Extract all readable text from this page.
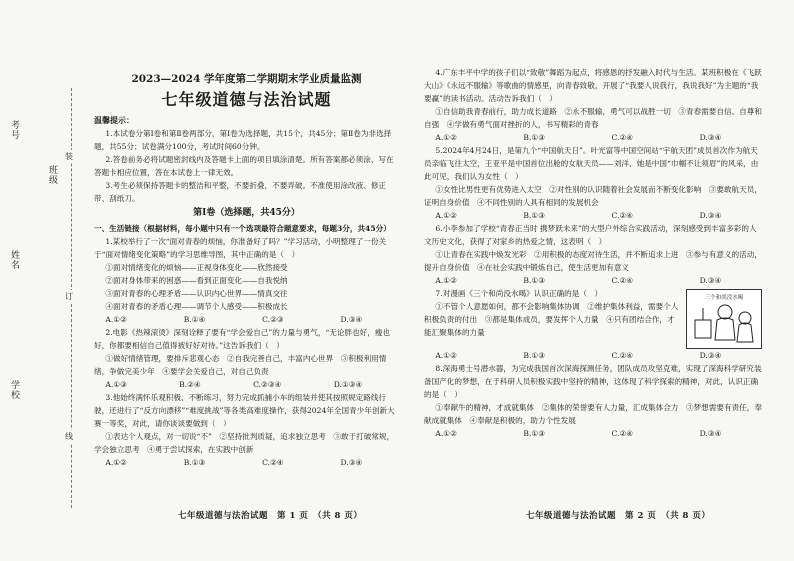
考号
姓名
学校
班级
装
订
线
2023—2024 学年度第二学期期末学业质量监测
七年级道德与法治试题
温馨提示：
1.本试卷分第Ⅰ卷和第Ⅱ卷两部分，第Ⅰ卷为选择题，共15个，共45分；第Ⅱ卷为非选择题，共55分；试卷满分100分，考试时间60分钟。
2.答卷前务必将试题密封线内及答题卡上面的项目填涂清楚。所有答案都必须涂、写在答题卡相应位置，答在本试卷上一律无效。
3.考生必须保持答题卡的整洁和平整，不要折叠，不要弄破。不准使用涂改液、修正带、刮纸刀。
第Ⅰ卷（选择题，共45分）
一、生活链接（根据材料，每小题中只有一个选项最符合题意要求，每题3分，共45分）
1.某校举行了一次“面对青春的烦恼，你准备好了吗？”学习活动，小明整理了一份关于“面对情绪变化策略”的学习思维导图，其中正确的是（　）
①面对情绪变化的烦恼——正视身体变化——欣然接受
②面对身体带来的困惑——看到正面变化——自我悦纳
③面对青春的心理矛盾——认识内心世界——情真交往
④面对青春的矛盾心理——调节个人感受——积极成长
A.①②	B.①④	C.②③	D.③④
2.电影《热辣滚烫》深刻诠释了要有“学会爱自己”的力量与勇气，“无论胖也好，瘦也好，你都要相信自己值得被好好对待。”这告诉我们（　）
①做好情绪管理，要排斥悲观心态　②自我完善自己，丰富内心世界　③积极利用情绪，争做完美少年　④要学会关爱自己，对自己负责
A.①③	B.②④	C.②③④	D.①③④
3.他始终满怀乐观积极、不断练习，努力完成抓捕小车的组装并使其按照规定路线行驶，还进行了“反方向漂移”“难度挑战”等各类高难度操作，获得2024年全国青少年创新大赛一等奖，对此，请你谈谈要做到（　）
①表达个人观点，对一切说“不”　②坚持批判质疑，追求独立思考　③敢于打破常规，学会独立思考　④勇于尝试探索，在实践中创新
A.①②	B.①③	C.②④	D.③④
4.广东丰平中学的孩子们以“致敬”舞蹈为起点，将感恩的抒发融入时代与生活。某班积极在《飞跃大山》《永远不服输》等歌曲的情感里，向青春致敬，开展了“我要人说我行，我说我好”为主题的“我要赢”的读书活动。活动告诉我们（　）
①自信助我青春前行，助力成长道路　②永不服输，勇气可以战胜一切　③青春需要自信、自尊和自强　④学做有勇气面对挫折的人，书写精彩的青春
A.①②	B.①③	C.②④	D.③④
5.2024年4月24日，是第九个“中国航天日”。叶光富等中国空间站“宇航天团”成员首次作为航天员亲临飞往太空，王亚平是中国首位出舱的女航天员——刘洋、她是中国“巾帼不让须眉”的风采，由此可见，我们认为女性（　）
①女性比男性更有优势进入太空　②对性别的认识随着社会发展而不断变化影响　③要敢航天员，证明自身价值　④不同性别的人具有相同的发展机会
A.①②	B.①③	C.②④	D.③④
6.小李参加了学校“青春正当时 携梦跃未来”的大型户外综合实践活动，深刻感受到丰富多彩的人文历史文化，获得了对家乡的热爱之情，这表明（　）
①让青春在实践中焕发光彩　②用积极的态度对待生活，并不断追求上进　③参与有意义的活动，提升自身价值　④在社会实践中锻炼自己，使生活更加有意义
A.①②	B.①③	C.②④	D.③④
7.对漫画《三个和尚没水喝》认识正确的是（　）
①不管个人意愿如何，都不会影响集体协调　②维护集体利益，需要个人积极负责的付出　③都是集体成员，要发挥个人力量　④只有团结合作，才能汇聚集体的力量
三个和尚没水喝
A.①②	B.①③	C.②④	D.③④
8.深海勇士号潜水器，为完成我国首次深海探测任务，团队成员攻坚克难，实现了深海科学研究装备国产化的梦想，在于科研人员积极实践中坚持的精神，这体现了科学探索的精神，对此，认识正确的是（　）
①奉献牛的精神，才成就集体　②集体的荣誉要有人力量，汇成集体合力　③梦想需要有责任，奉献成就集体　④奉献是积极的，助力个性发展
A.①②	B.①③	C.②④	D.③④
七年级道德与法治试题　第 1 页　（共 8 页）	七年级道德与法治试题　第 2 页　（共 8 页）
